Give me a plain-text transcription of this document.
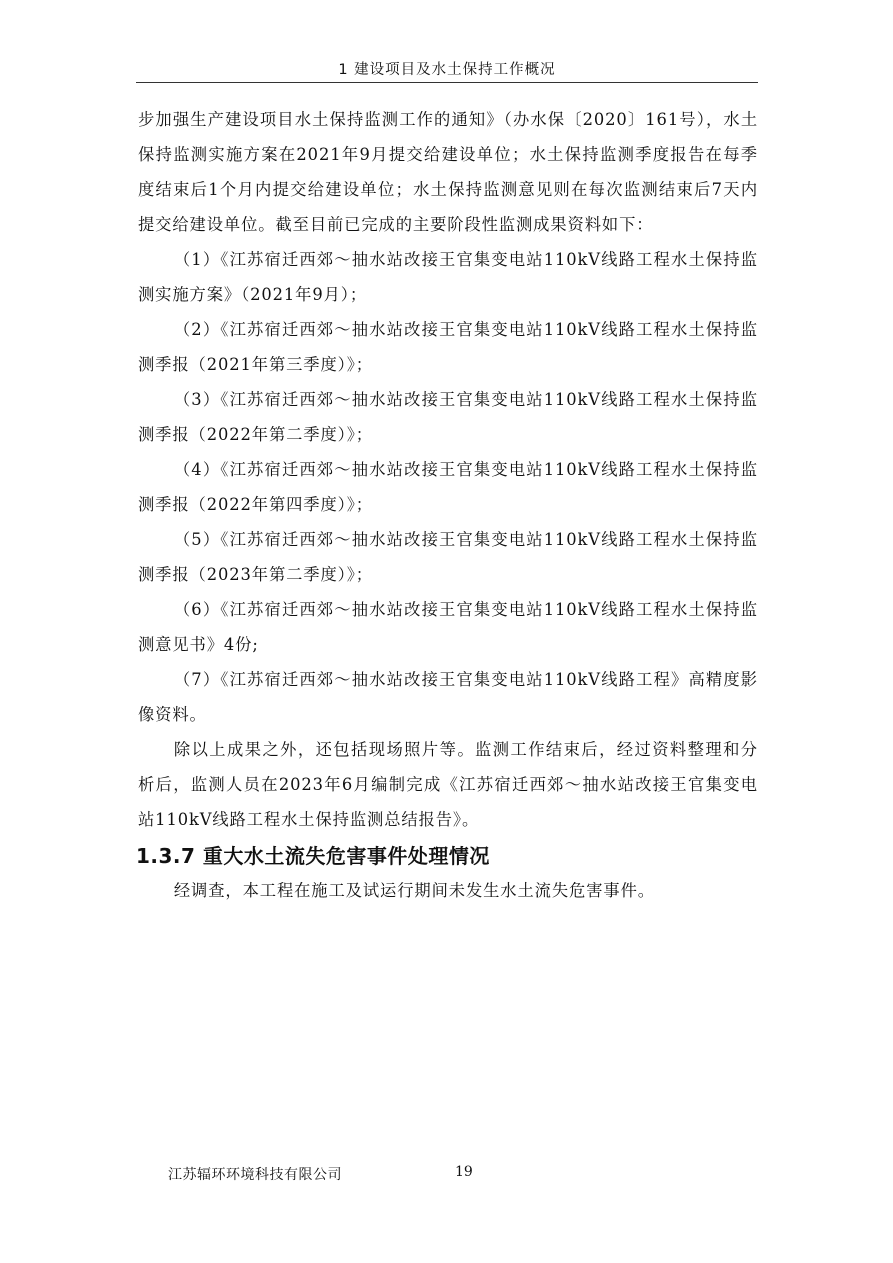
1 建设项目及水土保持工作概况

步加强生产建设项目水土保持监测工作的通知》（办水保〔2020〕161号），水土保持监测实施方案在2021年9月提交给建设单位；水土保持监测季度报告在每季度结束后1个月内提交给建设单位；水土保持监测意见则在每次监测结束后7天内提交给建设单位。截至目前已完成的主要阶段性监测成果资料如下：

（1）《江苏宿迁西郊～抽水站改接王官集变电站110kV线路工程水土保持监测实施方案》（2021年9月）；

（2）《江苏宿迁西郊～抽水站改接王官集变电站110kV线路工程水土保持监测季报（2021年第三季度）》；

（3）《江苏宿迁西郊～抽水站改接王官集变电站110kV线路工程水土保持监测季报（2022年第二季度）》；

（4）《江苏宿迁西郊～抽水站改接王官集变电站110kV线路工程水土保持监测季报（2022年第四季度）》；

（5）《江苏宿迁西郊～抽水站改接王官集变电站110kV线路工程水土保持监测季报（2023年第二季度）》；

（6）《江苏宿迁西郊～抽水站改接王官集变电站110kV线路工程水土保持监测意见书》4份;

（7）《江苏宿迁西郊～抽水站改接王官集变电站110kV线路工程》高精度影像资料。

除以上成果之外，还包括现场照片等。监测工作结束后，经过资料整理和分析后，监测人员在2023年6月编制完成《江苏宿迁西郊～抽水站改接王官集变电站110kV线路工程水土保持监测总结报告》。

1.3.7 重大水土流失危害事件处理情况

经调查，本工程在施工及试运行期间未发生水土流失危害事件。

江苏辐环环境科技有限公司	19
